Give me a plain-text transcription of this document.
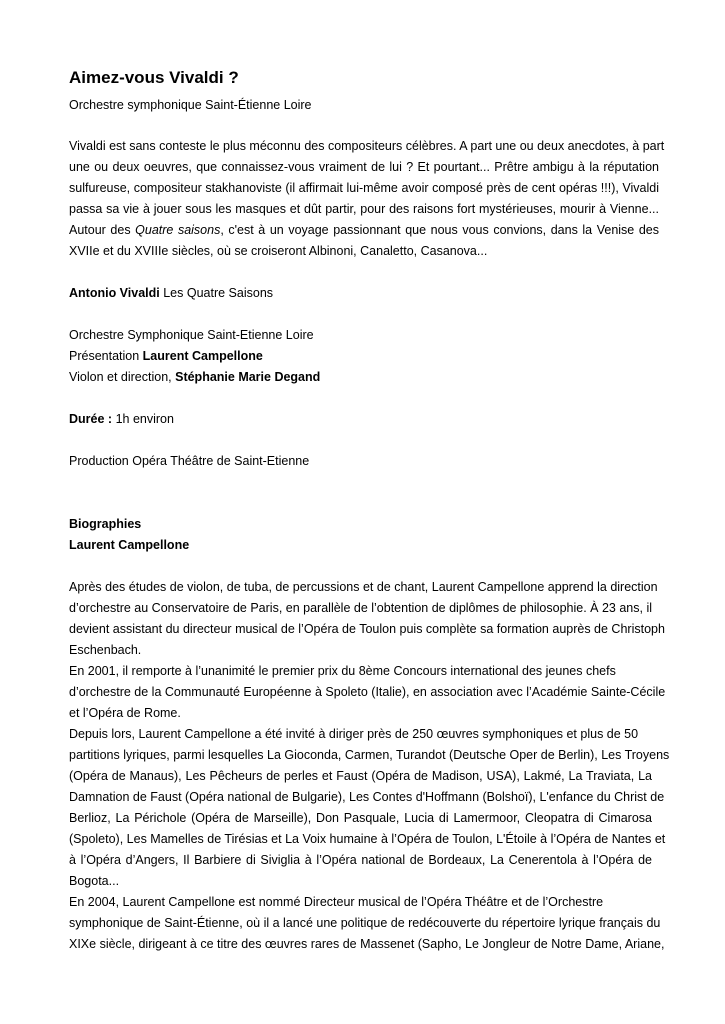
Aimez-vous Vivaldi ?
Orchestre symphonique Saint-Étienne Loire
Vivaldi est sans conteste le plus méconnu des compositeurs célèbres. A part une ou deux anecdotes, à part
une ou deux oeuvres, que connaissez-vous vraiment de lui ? Et pourtant... Prêtre ambigu à la réputation
sulfureuse, compositeur stakhanoviste (il affirmait lui-même avoir composé près de cent opéras !!!), Vivaldi
passa sa vie à jouer sous les masques et dût partir, pour des raisons fort mystérieuses, mourir à Vienne...
Autour des Quatre saisons, c'est à un voyage passionnant que nous vous convions, dans la Venise des
XVIIe et du XVIIIe siècles, où se croiseront Albinoni, Canaletto, Casanova...
Antonio Vivaldi Les Quatre Saisons
Orchestre Symphonique Saint-Etienne Loire
Présentation Laurent Campellone
Violon et direction, Stéphanie Marie Degand
Durée : 1h environ
Production Opéra Théâtre de Saint-Etienne
Biographies
Laurent Campellone
Après des études de violon, de tuba, de percussions et de chant, Laurent Campellone apprend la direction
d’orchestre au Conservatoire de Paris, en parallèle de l’obtention de diplômes de philosophie. À 23 ans, il
devient assistant du directeur musical de l’Opéra de Toulon puis complète sa formation auprès de Christoph
Eschenbach.
En 2001, il remporte à l’unanimité le premier prix du 8ème Concours international des jeunes chefs
d’orchestre de la Communauté Européenne à Spoleto (Italie), en association avec l’Académie Sainte-Cécile
et l’Opéra de Rome.
Depuis lors, Laurent Campellone a été invité à diriger près de 250 œuvres symphoniques et plus de 50
partitions lyriques, parmi lesquelles La Gioconda, Carmen, Turandot (Deutsche Oper de Berlin), Les Troyens
(Opéra de Manaus), Les Pêcheurs de perles et Faust (Opéra de Madison, USA), Lakmé, La Traviata, La
Damnation de Faust (Opéra national de Bulgarie), Les Contes d'Hoffmann (Bolshoï), L'enfance du Christ de
Berlioz, La Périchole (Opéra de Marseille), Don Pasquale, Lucia di Lamermoor, Cleopatra di Cimarosa
(Spoleto), Les Mamelles de Tirésias et La Voix humaine à l’Opéra de Toulon, L'Étoile à l’Opéra de Nantes et
à l’Opéra d’Angers, Il Barbiere di Siviglia à l’Opéra national de Bordeaux, La Cenerentola à l’Opéra de
Bogota...
En 2004, Laurent Campellone est nommé Directeur musical de l’Opéra Théâtre et de l’Orchestre
symphonique de Saint-Étienne, où il a lancé une politique de redécouverte du répertoire lyrique français du
XIXe siècle, dirigeant à ce titre des œuvres rares de Massenet (Sapho, Le Jongleur de Notre Dame, Ariane,
